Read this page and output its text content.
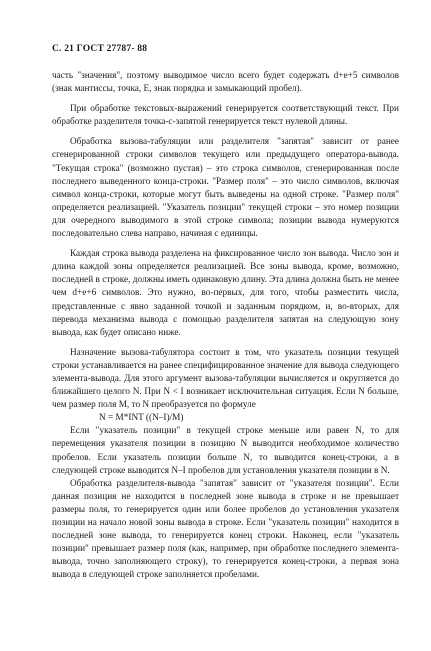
С. 21 ГОСТ 27787- 88

часть "значения", поэтому выводимое число всего будет содержать d+e+5 символов (знак мантиссы, точка, E, знак порядка и замыкающий пробел).

При обработке текстовых-выражений генерируется соответствующий текст. При обработке разделителя точка-с-запятой генерируется текст нулевой длины.

Обработка вызова-табуляции или разделителя "запятая" зависит от ранее сгенерированной строки символов текущего или предыдущего оператора-вывода. "Текущая строка" (возможно пустая) – это строка символов, сгенерированная после последнего выведенного конца-строки. "Размер поля" – это число символов, включая символ конца-строки, которые могут быть выведены на одной строке. "Размер поля" определяется реализацией. "Указатель позиции" текущей строки – это номер позиции для очередного выводимого в этой строке символа; позиции вывода нумеруются последовательно слева направо, начиная с единицы.

Каждая строка вывода разделена на фиксированное число зон вывода. Число зон и длина каждой зоны определяется реализацией. Все зоны вывода, кроме, возможно, последней в строке, должны иметь одинаковую длину. Эта длина должна быть не менее чем d+e+6 символов. Это нужно, во-первых, для того, чтобы разместить числа, представленные с явно заданной точкой и заданным порядком, и, во-вторых, для перевода механизма вывода с помощью разделителя запятая на следующую зону вывода, как будет описано ниже.

Назначение вызова-табулятора состоит в том, что указатель позиции текущей строки устанавливается на ранее специфицированное значение для вывода следующего элемента-вывода. Для этого аргумент вызова-табуляции вычисляется и округляется до ближайшего целого N. При N < I возникает исключительная ситуация. Если N больше, чем размер поля M, то N преобразуется по формуле

N = M*INT ((N–I)/M)

Если "указатель позиции" в текущей строке меньше или равен N, то для перемещения указателя позиции в позицию N выводится необходимое количество пробелов. Если указатель позиции больше N, то выводится конец-строки, а в следующей строке выводится N–I пробелов для установления указателя позиции в N.

Обработка разделителя-вывода "запятая" зависит от "указателя позиции". Если данная позиция не находится в последней зоне вывода в строке и не превышает размеры поля, то генерируется один или более пробелов до установления указателя позиции на начало новой зоны вывода в строке. Если "указатель позиции" находится в последней зоне вывода, то генерируется конец строки. Наконец, если "указатель позиции" превышает размер поля (как, например, при обработке последнего элемента-вывода, точно заполняющего строку), то генерируется конец-строки, а первая зона вывода в следующей строке заполняется пробелами.
